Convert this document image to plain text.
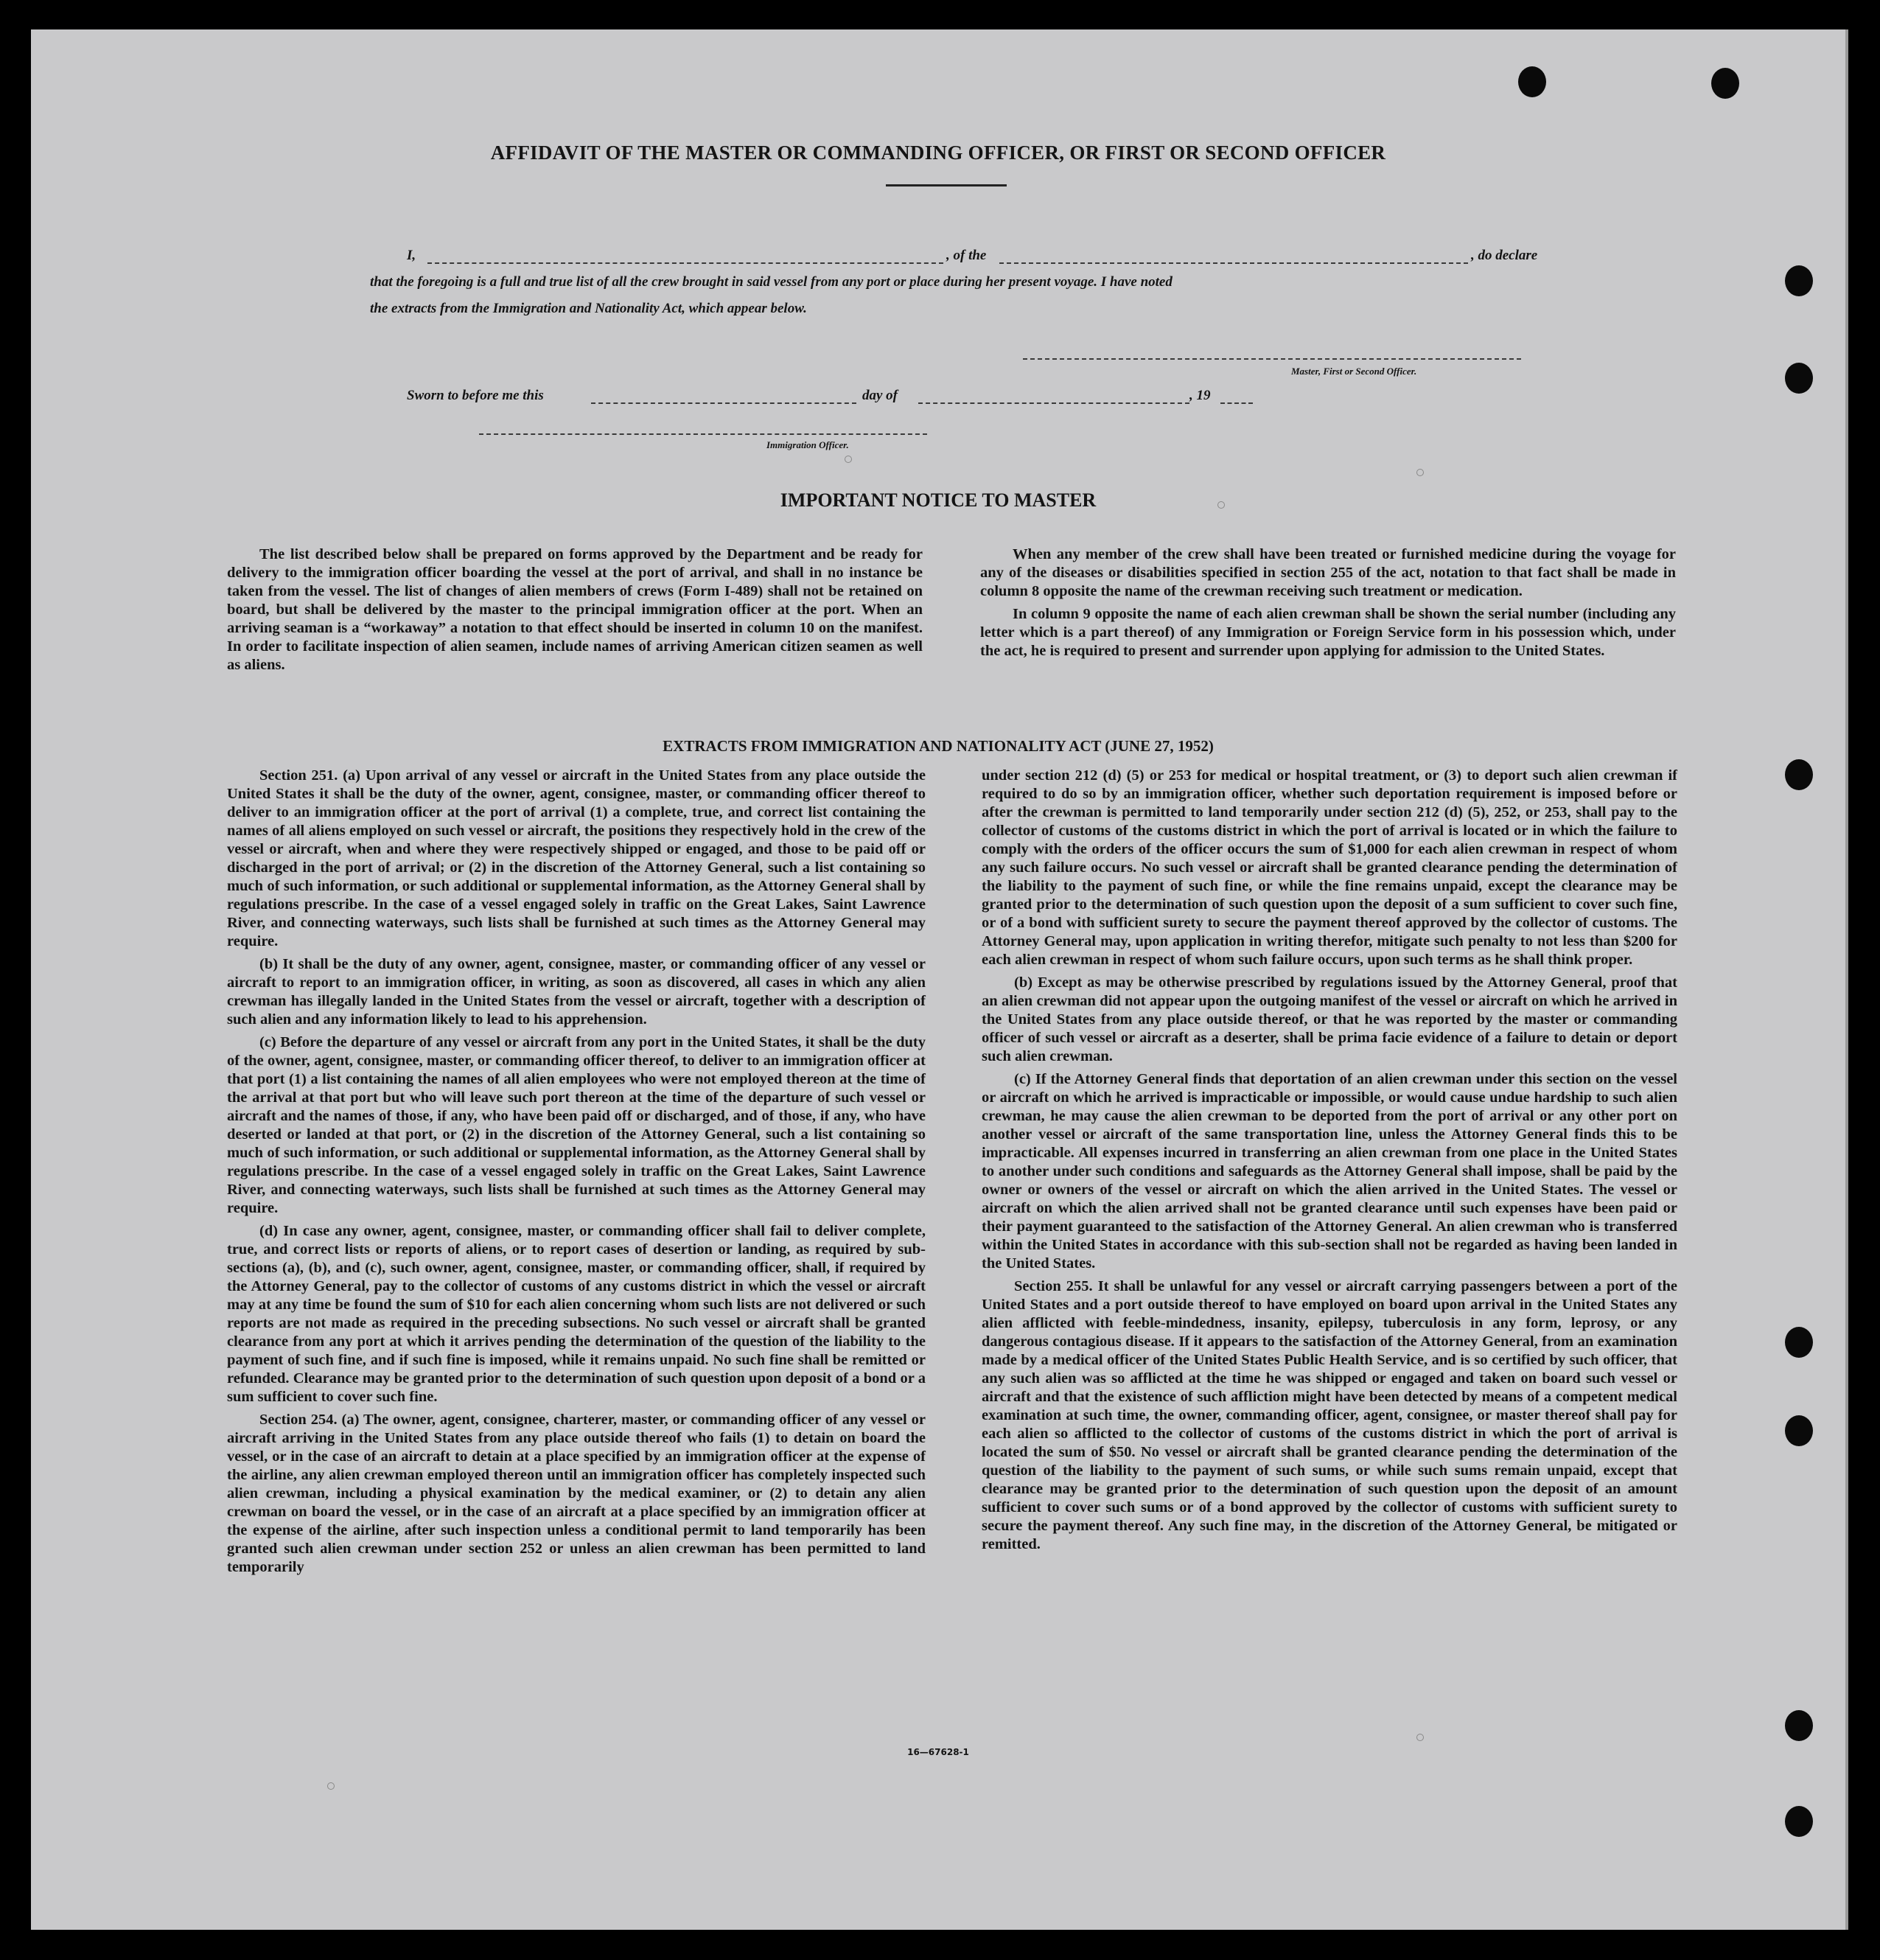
AFFIDAVIT OF THE MASTER OR COMMANDING OFFICER, OR FIRST OR SECOND OFFICER
I,	, of the	, do declare
that the foregoing is a full and true list of all the crew brought in said vessel from any port or place during her present voyage. I have noted
the extracts from the Immigration and Nationality Act, which appear below.
Master, First or Second Officer.
Sworn to before me this	day of	, 19
Immigration Officer.
IMPORTANT NOTICE TO MASTER

The list described below shall be prepared on forms approved by the Department and be ready for delivery to the immigration officer boarding the vessel at the port of arrival, and shall in no instance be taken from the vessel. The list of changes of alien members of crews (Form I-489) shall not be retained on board, but shall be delivered by the master to the principal immigration officer at the port. When an arriving seaman is a “workaway” a notation to that effect should be inserted in column 10 on the manifest. In order to facilitate inspection of alien seamen, include names of arriving American citizen seamen as well as aliens.

When any member of the crew shall have been treated or furnished medicine during the voyage for any of the diseases or disabilities specified in section 255 of the act, notation to that fact shall be made in column 8 opposite the name of the crewman receiving such treatment or medication.

In column 9 opposite the name of each alien crewman shall be shown the serial number (including any letter which is a part thereof) of any Immigration or Foreign Service form in his possession which, under the act, he is required to present and surrender upon applying for admission to the United States.

EXTRACTS FROM IMMIGRATION AND NATIONALITY ACT (JUNE 27, 1952)

Section 251. (a) Upon arrival of any vessel or aircraft in the United States from any place outside the United States it shall be the duty of the owner, agent, consignee, master, or commanding officer thereof to deliver to an immigration officer at the port of arrival (1) a complete, true, and correct list containing the names of all aliens employed on such vessel or aircraft, the positions they respectively hold in the crew of the vessel or aircraft, when and where they were respectively shipped or engaged, and those to be paid off or discharged in the port of arrival; or (2) in the discretion of the Attorney General, such a list containing so much of such information, or such additional or supplemental information, as the Attorney General shall by regulations prescribe. In the case of a vessel engaged solely in traffic on the Great Lakes, Saint Lawrence River, and connecting waterways, such lists shall be furnished at such times as the Attorney General may require.

(b) It shall be the duty of any owner, agent, consignee, master, or commanding officer of any vessel or aircraft to report to an immigration officer, in writing, as soon as discovered, all cases in which any alien crewman has illegally landed in the United States from the vessel or aircraft, together with a description of such alien and any information likely to lead to his apprehension.

(c) Before the departure of any vessel or aircraft from any port in the United States, it shall be the duty of the owner, agent, consignee, master, or commanding officer thereof, to deliver to an immigration officer at that port (1) a list containing the names of all alien employees who were not employed thereon at the time of the arrival at that port but who will leave such port thereon at the time of the departure of such vessel or aircraft and the names of those, if any, who have been paid off or discharged, and of those, if any, who have deserted or landed at that port, or (2) in the discretion of the Attorney General, such a list containing so much of such information, or such additional or supplemental information, as the Attorney General shall by regulations prescribe. In the case of a vessel engaged solely in traffic on the Great Lakes, Saint Lawrence River, and connecting waterways, such lists shall be furnished at such times as the Attorney General may require.

(d) In case any owner, agent, consignee, master, or commanding officer shall fail to deliver complete, true, and correct lists or reports of aliens, or to report cases of desertion or landing, as required by sub-sections (a), (b), and (c), such owner, agent, consignee, master, or commanding officer, shall, if required by the Attorney General, pay to the collector of customs of any customs district in which the vessel or aircraft may at any time be found the sum of $10 for each alien concerning whom such lists are not delivered or such reports are not made as required in the preceding subsections. No such vessel or aircraft shall be granted clearance from any port at which it arrives pending the determination of the question of the liability to the payment of such fine, and if such fine is imposed, while it remains unpaid. No such fine shall be remitted or refunded. Clearance may be granted prior to the determination of such question upon deposit of a bond or a sum sufficient to cover such fine.

Section 254. (a) The owner, agent, consignee, charterer, master, or commanding officer of any vessel or aircraft arriving in the United States from any place outside thereof who fails (1) to detain on board the vessel, or in the case of an aircraft to detain at a place specified by an immigration officer at the expense of the airline, any alien crewman employed thereon until an immigration officer has completely inspected such alien crewman, including a physical examination by the medical examiner, or (2) to detain any alien crewman on board the vessel, or in the case of an aircraft at a place specified by an immigration officer at the expense of the airline, after such inspection unless a conditional permit to land temporarily has been granted such alien crewman under section 252 or unless an alien crewman has been permitted to land temporarily

under section 212 (d) (5) or 253 for medical or hospital treatment, or (3) to deport such alien crewman if required to do so by an immigration officer, whether such deportation requirement is imposed before or after the crewman is permitted to land temporarily under section 212 (d) (5), 252, or 253, shall pay to the collector of customs of the customs district in which the port of arrival is located or in which the failure to comply with the orders of the officer occurs the sum of $1,000 for each alien crewman in respect of whom any such failure occurs. No such vessel or aircraft shall be granted clearance pending the determination of the liability to the payment of such fine, or while the fine remains unpaid, except the clearance may be granted prior to the determination of such question upon the deposit of a sum sufficient to cover such fine, or of a bond with sufficient surety to secure the payment thereof approved by the collector of customs. The Attorney General may, upon application in writing therefor, mitigate such penalty to not less than $200 for each alien crewman in respect of whom such failure occurs, upon such terms as he shall think proper.

(b) Except as may be otherwise prescribed by regulations issued by the Attorney General, proof that an alien crewman did not appear upon the outgoing manifest of the vessel or aircraft on which he arrived in the United States from any place outside thereof, or that he was reported by the master or commanding officer of such vessel or aircraft as a deserter, shall be prima facie evidence of a failure to detain or deport such alien crewman.

(c) If the Attorney General finds that deportation of an alien crewman under this section on the vessel or aircraft on which he arrived is impracticable or impossible, or would cause undue hardship to such alien crewman, he may cause the alien crewman to be deported from the port of arrival or any other port on another vessel or aircraft of the same transportation line, unless the Attorney General finds this to be impracticable. All expenses incurred in transferring an alien crewman from one place in the United States to another under such conditions and safeguards as the Attorney General shall impose, shall be paid by the owner or owners of the vessel or aircraft on which the alien arrived in the United States. The vessel or aircraft on which the alien arrived shall not be granted clearance until such expenses have been paid or their payment guaranteed to the satisfaction of the Attorney General. An alien crewman who is transferred within the United States in accordance with this sub-section shall not be regarded as having been landed in the United States.

Section 255. It shall be unlawful for any vessel or aircraft carrying passengers between a port of the United States and a port outside thereof to have employed on board upon arrival in the United States any alien afflicted with feeble-mindedness, insanity, epilepsy, tuberculosis in any form, leprosy, or any dangerous contagious disease. If it appears to the satisfaction of the Attorney General, from an examination made by a medical officer of the United States Public Health Service, and is so certified by such officer, that any such alien was so afflicted at the time he was shipped or engaged and taken on board such vessel or aircraft and that the existence of such affliction might have been detected by means of a competent medical examination at such time, the owner, commanding officer, agent, consignee, or master thereof shall pay for each alien so afflicted to the collector of customs of the customs district in which the port of arrival is located the sum of $50. No vessel or aircraft shall be granted clearance pending the determination of the question of the liability to the payment of such sums, or while such sums remain unpaid, except that clearance may be granted prior to the determination of such question upon the deposit of an amount sufficient to cover such sums or of a bond approved by the collector of customs with sufficient surety to secure the payment thereof. Any such fine may, in the discretion of the Attorney General, be mitigated or remitted.

16—67628-1
